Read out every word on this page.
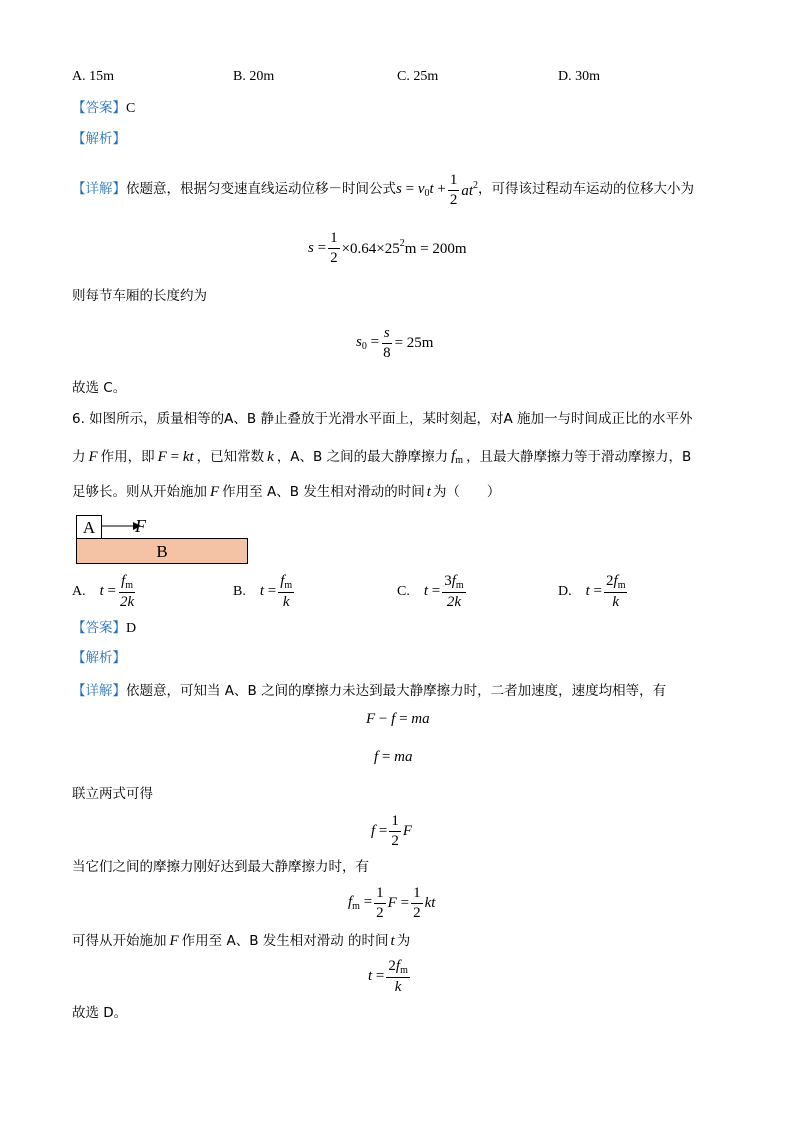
A. 15m	B. 20m	C. 25m	D. 30m
【答案】C
【解析】
【详解】 依题意，根据匀变速直线运动位移－时间公式 $s = v_0t + \frac{1}{2} at^2$ ，可得该过程动车运动的位移大小为
$s = \frac{1}{2} \times 0.64\times 25^2m = 200m$
则每节车厢的长度约为
$s_0 = \frac{s}{8} = 25m$
故选 C。
6. 如图所示，质量相等的A、B 静止叠放于光滑水平面上，某时刻起，对A 施加一与时间成正比的水平外
力 F 作用，即 F = kt ，已知常数 k ，A、B 之间的最大静摩擦力 $f_m$ ，且最大静摩擦力等于滑动摩擦力，B
足够长。则从开始施加 F 作用至 A、B 发生相对滑动的时间 t 为（　　）
A	F
B
A. $t = \frac{f_m}{2k}$	B. $t = \frac{f_m}{k}$	C. $t = \frac{3f_m}{2k}$	D. $t = \frac{2f_m}{k}$
【答案】D
【解析】
【详解】依题意，可知当 A、B 之间的摩擦力未达到最大静摩擦力时，二者加速度，速度均相等，有
F − f = ma
f = ma
联立两式可得
$f = \frac{1}{2}$ F
当它们之间的摩擦力刚好达到最大静摩擦力时，有
$f_m = \frac{1}{2}$ $F = \frac{1}{2}$ kt
可得从开始施加 F 作用至 A、B 发生相对滑动 的时间 t 为
$t = \frac{2f_m}{k}$
故选 D。
